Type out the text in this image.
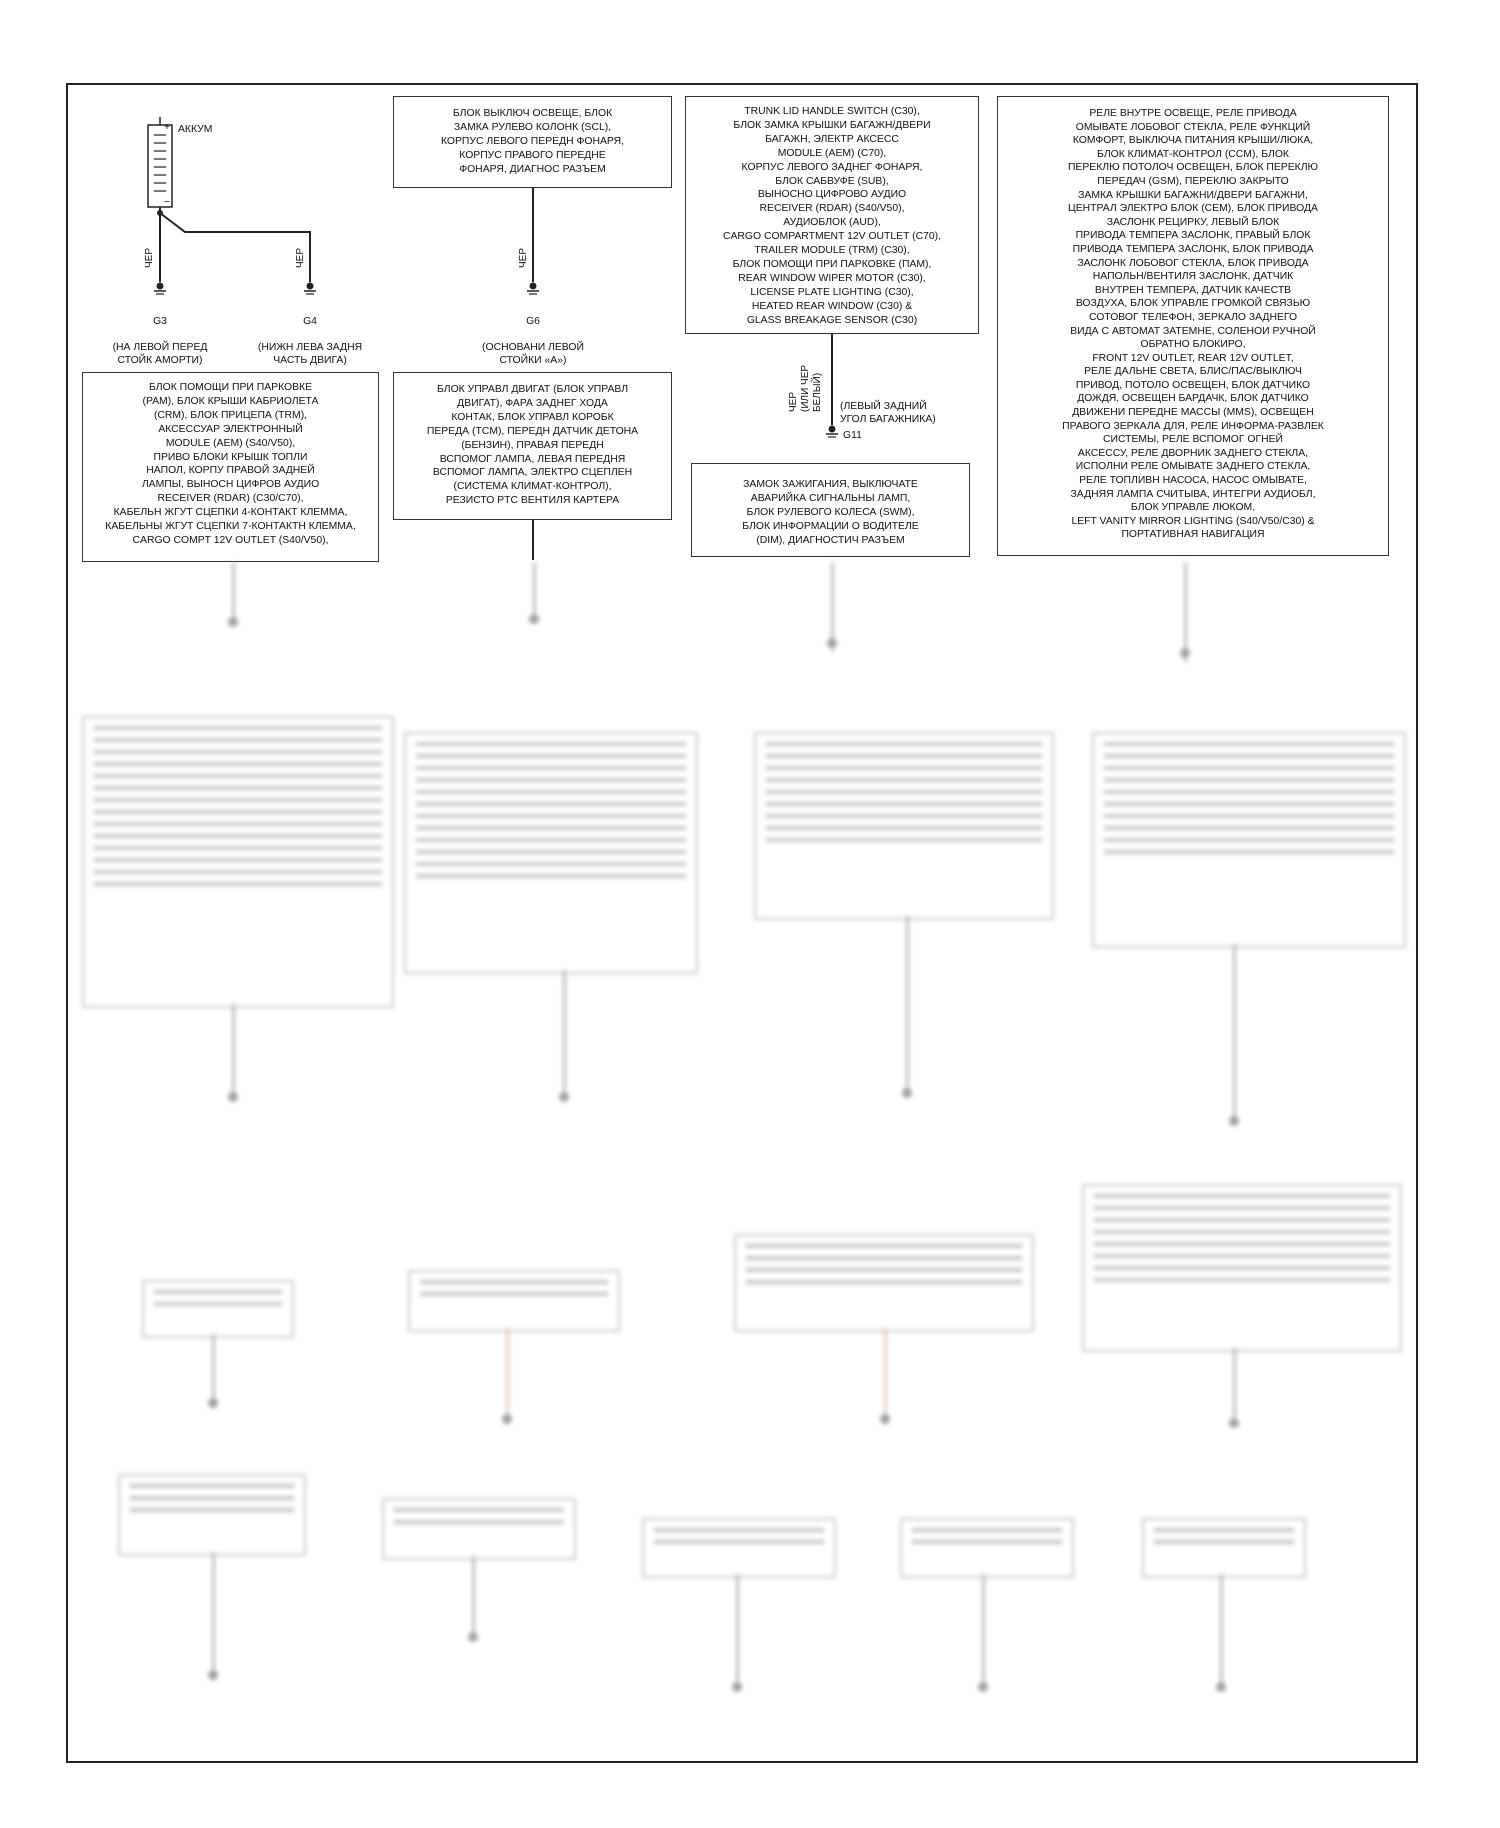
+
−
АККУМ
ЧЕР	ЧЕР	ЧЕР
ЧЕР
(ИЛИ ЧЕР
БЕЛЫЙ)

G3

(НА ЛЕВОЙ ПЕРЕД
СТОЙК АМОРТИ)

G4

(НИЖН ЛЕВА ЗАДНЯ
ЧАСТЬ ДВИГА)

G6

(ОСНОВАНИ ЛЕВОЙ
СТОЙКИ «А»)

(ЛЕВЫЙ ЗАДНИЙ
УГОЛ БАГАЖНИКА)
G11
БЛОК ВЫКЛЮЧ ОСВЕЩЕ, БЛОК
ЗАМКА РУЛЕВО КОЛОНК (SCL),
КОРПУС ЛЕВОГО ПЕРЕДН ФОНАРЯ,
КОРПУС ПРАВОГО ПЕРЕДНЕ
ФОНАРЯ, ДИАГНОС РАЗЪЕМ
TRUNK LID HANDLE SWITCH (C30),
БЛОК ЗАМКА КРЫШКИ БАГАЖН/ДВЕРИ
БАГАЖН, ЭЛЕКТР АКСЕСС
MODULE (AEM) (C70),
КОРПУС ЛЕВОГО ЗАДНЕГ ФОНАРЯ,
БЛОК САБВУФЕ (SUB),
ВЫНОСНО ЦИФРОВО АУДИО
RECEIVER (RDAR) (S40/V50),
АУДИОБЛОК (AUD),
CARGO COMPARTMENT 12V OUTLET (C70),
TRAILER MODULE (TRM) (C30),
БЛОК ПОМОЩИ ПРИ ПАРКОВКЕ (ПАМ),
REAR WINDOW WIPER MOTOR (C30),
LICENSE PLATE LIGHTING (C30),
HEATED REAR WINDOW (C30) &
GLASS BREAKAGE SENSOR (C30)
РЕЛЕ ВНУТРЕ ОСВЕЩЕ, РЕЛЕ ПРИВОДА
ОМЫВАТЕ ЛОБОВОГ СТЕКЛА, РЕЛЕ ФУНКЦИЙ
КОМФОРТ, ВЫКЛЮЧА ПИТАНИЯ КРЫШИ/ЛЮКА,
БЛОК КЛИМАТ-КОНТРОЛ (CCM), БЛОК
ПЕРЕКЛЮ ПОТОЛОЧ ОСВЕЩЕН, БЛОК ПЕРЕКЛЮ
ПЕРЕДАЧ (GSM), ПЕРЕКЛЮ ЗАКРЫТО
ЗАМКА КРЫШКИ БАГАЖНИ/ДВЕРИ БАГАЖНИ,
ЦЕНТРАЛ ЭЛЕКТРО БЛОК (CEM), БЛОК ПРИВОДА
ЗАСЛОНК РЕЦИРКУ, ЛЕВЫЙ БЛОК
ПРИВОДА ТЕМПЕРА ЗАСЛОНК, ПРАВЫЙ БЛОК
ПРИВОДА ТЕМПЕРА ЗАСЛОНК, БЛОК ПРИВОДА
ЗАСЛОНК ЛОБОВОГ СТЕКЛА, БЛОК ПРИВОДА
НАПОЛЬН/ВЕНТИЛЯ ЗАСЛОНК, ДАТЧИК
ВНУТРЕН ТЕМПЕРА, ДАТЧИК КАЧЕСТВ
ВОЗДУХА, БЛОК УПРАВЛЕ ГРОМКОЙ СВЯЗЬЮ
СОТОВОГ ТЕЛЕФОН, ЗЕРКАЛО ЗАДНЕГО
ВИДА С АВТОМАТ ЗАТЕМНЕ, СОЛЕНОИ РУЧНОЙ
ОБРАТНО БЛОКИРО,
FRONT 12V OUTLET, REAR 12V OUTLET,
РЕЛЕ ДАЛЬНЕ СВЕТА, БЛИС/ПАС/ВЫКЛЮЧ
ПРИВОД, ПОТОЛО ОСВЕЩЕН, БЛОК ДАТЧИКО
ДОЖДЯ, ОСВЕЩЕН БАРДАЧК, БЛОК ДАТЧИКО
ДВИЖЕНИ ПЕРЕДНЕ МАССЫ (MMS), ОСВЕЩЕН
ПРАВОГО ЗЕРКАЛА ДЛЯ, РЕЛЕ ИНФОРМА-РАЗВЛЕК
СИСТЕМЫ, РЕЛЕ ВСПОМОГ ОГНЕЙ
АКСЕССУ, РЕЛЕ ДВОРНИК ЗАДНЕГО СТЕКЛА,
ИСПОЛНИ РЕЛЕ ОМЫВАТЕ ЗАДНЕГО СТЕКЛА,
РЕЛЕ ТОПЛИВН НАСОСА, НАСОС ОМЫВАТЕ,
ЗАДНЯЯ ЛАМПА СЧИТЫВА, ИНТЕГРИ АУДИОБЛ,
БЛОК УПРАВЛЕ ЛЮКОМ,
LEFT VANITY MIRROR LIGHTING (S40/V50/C30) &
ПОРТАТИВНАЯ НАВИГАЦИЯ
БЛОК ПОМОЩИ ПРИ ПАРКОВКЕ
(PAM), БЛОК КРЫШИ КАБРИОЛЕТА
(CRM), БЛОК ПРИЦЕПА (TRM),
АКСЕССУАР ЭЛЕКТРОННЫЙ
MODULE (AEM) (S40/V50),
ПРИВО БЛОКИ КРЫШК ТОПЛИ
НАПОЛ, КОРПУ ПРАВОЙ ЗАДНЕЙ
ЛАМПЫ, ВЫНОСН ЦИФРОВ АУДИО
RECEIVER (RDAR) (C30/C70),
КАБЕЛЬН ЖГУТ СЦЕПКИ 4-КОНТАКТ КЛЕММА,
КАБЕЛЬНЫ ЖГУТ СЦЕПКИ 7-КОНТАКТН КЛЕММА,
CARGO COMPT 12V OUTLET (S40/V50),
БЛОК УПРАВЛ ДВИГАТ (БЛОК УПРАВЛ
ДВИГАТ), ФАРА ЗАДНЕГ ХОДА
КОНТАК, БЛОК УПРАВЛ КОРОБК
ПЕРЕДА (TCM), ПЕРЕДН ДАТЧИК ДЕТОНА
(БЕНЗИН), ПРАВАЯ ПЕРЕДН
ВСПОМОГ ЛАМПА, ЛЕВАЯ ПЕРЕДНЯ
ВСПОМОГ ЛАМПА, ЭЛЕКТРО СЦЕПЛЕН
(СИСТЕМА КЛИМАТ-КОНТРОЛ),
РЕЗИСТО PTC ВЕНТИЛЯ КАРТЕРА
ЗАМОК ЗАЖИГАНИЯ, ВЫКЛЮЧАТЕ
АВАРИЙКА СИГНАЛЬНЫ ЛАМП,
БЛОК РУЛЕВОГО КОЛЕСА (SWM),
БЛОК ИНФОРМАЦИИ О ВОДИТЕЛЕ
(DIM), ДИАГНОСТИЧ РАЗЪЕМ
